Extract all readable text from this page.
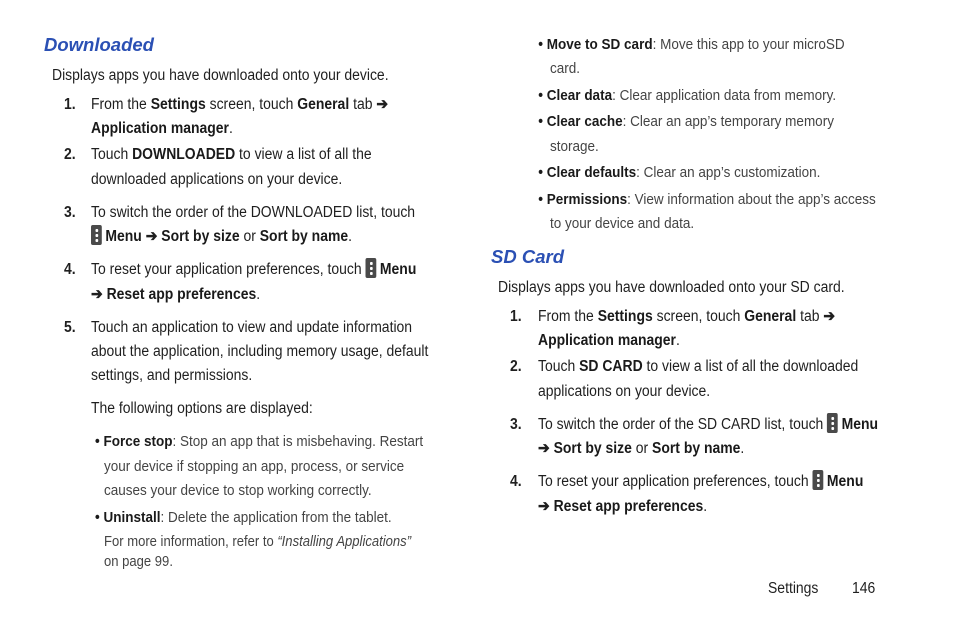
Downloaded
Displays apps you have downloaded onto your device.
1. From the Settings screen, touch General tab ➔
Application manager.
2. Touch DOWNLOADED to view a list of all the
downloaded applications on your device.
3. To switch the order of the DOWNLOADED list, touch
Menu ➔ Sort by size or Sort by name.
4. To reset your application preferences, touch
Menu
➔ Reset app preferences.
5. Touch an application to view and update information
about the application, including memory usage, default
settings, and permissions.
The following options are displayed:
• Force stop: Stop an app that is misbehaving. Restart
your device if stopping an app, process, or service
causes your device to stop working correctly.
• Uninstall: Delete the application from the tablet.
For more information, refer to “Installing Applications”
on page 99.
• Move to SD card: Move this app to your microSD
card.
• Clear data: Clear application data from memory.
• Clear cache: Clear an app’s temporary memory
storage.
• Clear defaults: Clear an app’s customization.
• Permissions: View information about the app’s access
to your device and data.
SD Card
Displays apps you have downloaded onto your SD card.
1. From the Settings screen, touch General tab ➔
Application manager.
2. Touch SD CARD to view a list of all the downloaded
applications on your device.
3. To switch the order of the SD CARD list, touch
Menu
➔ Sort by size or Sort by name.
4. To reset your application preferences, touch
Menu
➔ Reset app preferences.
Settings 146
